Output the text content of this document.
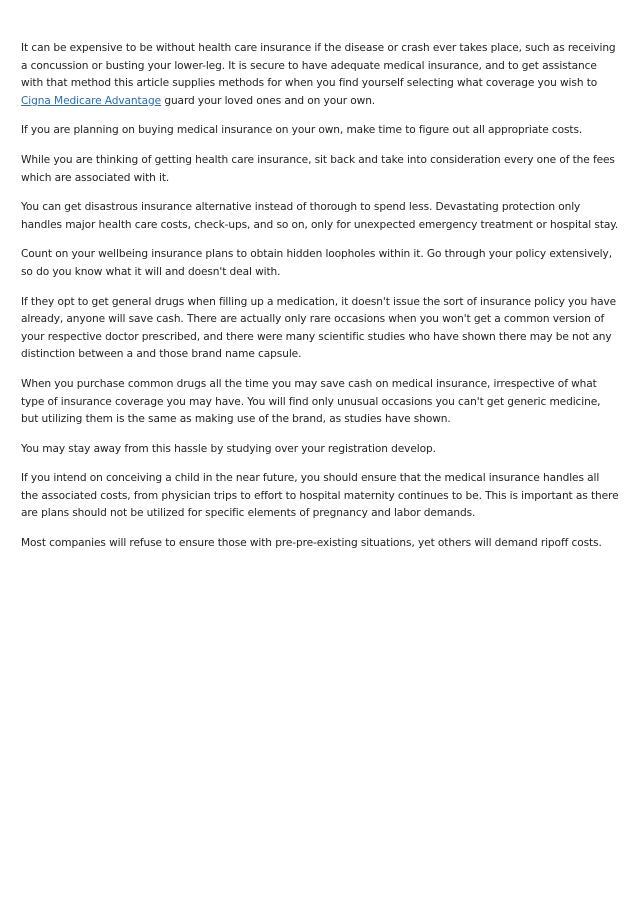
It can be expensive to be without health care insurance if the disease or crash ever takes place, such as receiving a concussion or busting your lower-leg. It is secure to have adequate medical insurance, and to get assistance with that method this article supplies methods for when you find yourself selecting what coverage you wish to Cigna Medicare Advantage guard your loved ones and on your own.

If you are planning on buying medical insurance on your own, make time to figure out all appropriate costs.

While you are thinking of getting health care insurance, sit back and take into consideration every one of the fees which are associated with it.

You can get disastrous insurance alternative instead of thorough to spend less. Devastating protection only handles major health care costs, check-ups, and so on, only for unexpected emergency treatment or hospital stay.

Count on your wellbeing insurance plans to obtain hidden loopholes within it. Go through your policy extensively, so do you know what it will and doesn't deal with.

If they opt to get general drugs when filling up a medication, it doesn't issue the sort of insurance policy you have already, anyone will save cash. There are actually only rare occasions when you won't get a common version of your respective doctor prescribed, and there were many scientific studies who have shown there may be not any distinction between a and those brand name capsule.

When you purchase common drugs all the time you may save cash on medical insurance, irrespective of what type of insurance coverage you may have. You will find only unusual occasions you can't get generic medicine, but utilizing them is the same as making use of the brand, as studies have shown.

You may stay away from this hassle by studying over your registration develop.

If you intend on conceiving a child in the near future, you should ensure that the medical insurance handles all the associated costs, from physician trips to effort to hospital maternity continues to be. This is important as there are plans should not be utilized for specific elements of pregnancy and labor demands.

Most companies will refuse to ensure those with pre-pre-existing situations, yet others will demand ripoff costs.
